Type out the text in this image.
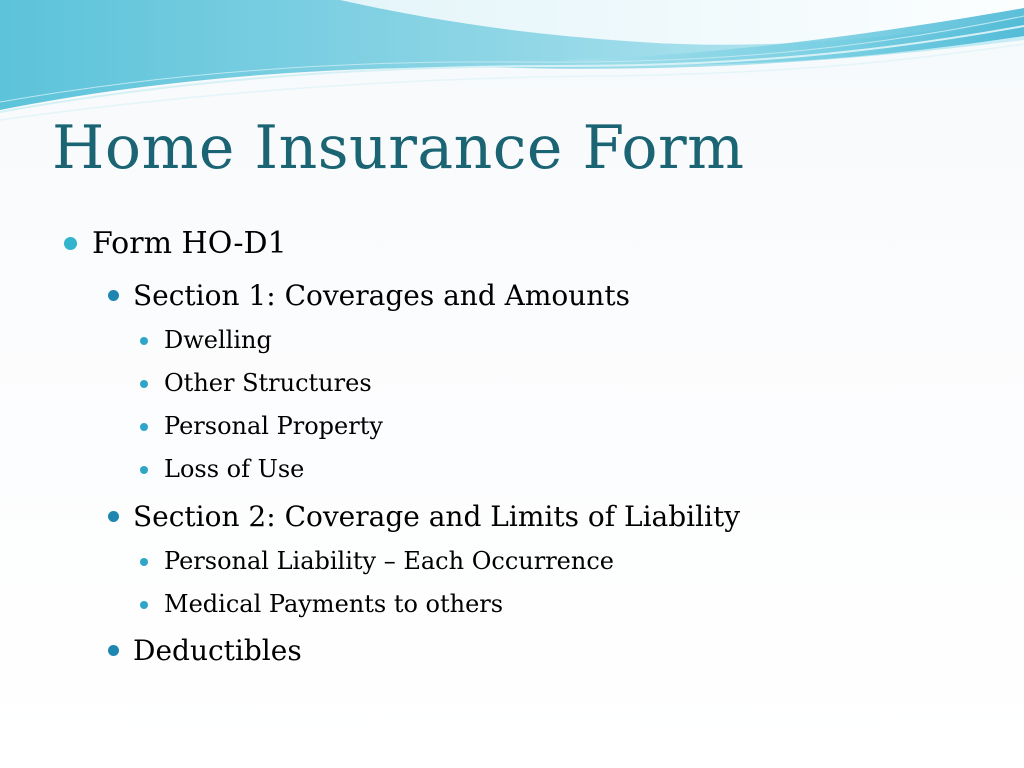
Home Insurance Form
Form HO-D1
Section 1: Coverages and Amounts
Dwelling
Other Structures
Personal Property
Loss of Use
Section 2: Coverage and Limits of Liability
Personal Liability – Each Occurrence
Medical Payments to others
Deductibles
